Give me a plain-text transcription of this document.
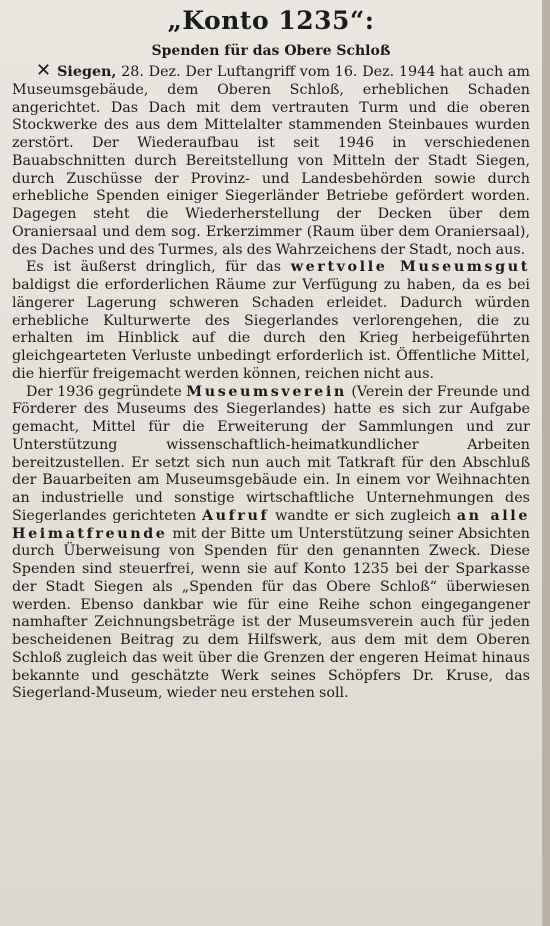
„Konto 1235“:
Spenden für das Obere Schloß

✕ Siegen, 28. Dez. Der Luftangriff vom 16. Dez. 1944 hat auch am Museumsgebäude, dem Oberen Schloß, erheblichen Schaden angerichtet. Das Dach mit dem vertrauten Turm und die oberen Stockwerke des aus dem Mittelalter stammenden Steinbaues wurden zerstört. Der Wiederaufbau ist seit 1946 in verschiedenen Bauabschnitten durch Bereitstellung von Mitteln der Stadt Siegen, durch Zuschüsse der Provinz- und Landesbehörden sowie durch erhebliche Spenden einiger Siegerländer Betriebe gefördert worden. Dagegen steht die Wiederherstellung der Decken über dem Oraniersaal und dem sog. Erkerzimmer (Raum über dem Oraniersaal), des Daches und des Turmes, als des Wahrzeichens der Stadt, noch aus.

Es ist äußerst dringlich, für das wertvolle Museumsgut baldigst die erforderlichen Räume zur Verfügung zu haben, da es bei längerer Lagerung schweren Schaden erleidet. Dadurch würden erhebliche Kulturwerte des Siegerlandes verlorengehen, die zu erhalten im Hinblick auf die durch den Krieg herbeigeführten gleichgearteten Verluste unbedingt erforderlich ist. Öffentliche Mittel, die hierfür freigemacht werden können, reichen nicht aus.

Der 1936 gegründete Museumsverein (Verein der Freunde und Förderer des Museums des Siegerlandes) hatte es sich zur Aufgabe gemacht, Mittel für die Erweiterung der Sammlungen und zur Unterstützung wissenschaftlich-heimatkundlicher Arbeiten bereitzustellen. Er setzt sich nun auch mit Tatkraft für den Abschluß der Bauarbeiten am Museumsgebäude ein. In einem vor Weihnachten an industrielle und sonstige wirtschaftliche Unternehmungen des Siegerlandes gerichteten Aufruf wandte er sich zugleich an alle Heimatfreunde mit der Bitte um Unterstützung seiner Absichten durch Überweisung von Spenden für den genannten Zweck. Diese Spenden sind steuerfrei, wenn sie auf Konto 1235 bei der Sparkasse der Stadt Siegen als „Spenden für das Obere Schloß“ überwiesen werden. Ebenso dankbar wie für eine Reihe schon eingegangener namhafter Zeichnungsbeträge ist der Museumsverein auch für jeden bescheidenen Beitrag zu dem Hilfswerk, aus dem mit dem Oberen Schloß zugleich das weit über die Grenzen der engeren Heimat hinaus bekannte und geschätzte Werk seines Schöpfers Dr. Kruse, das Siegerland-Museum, wieder neu erstehen soll.
